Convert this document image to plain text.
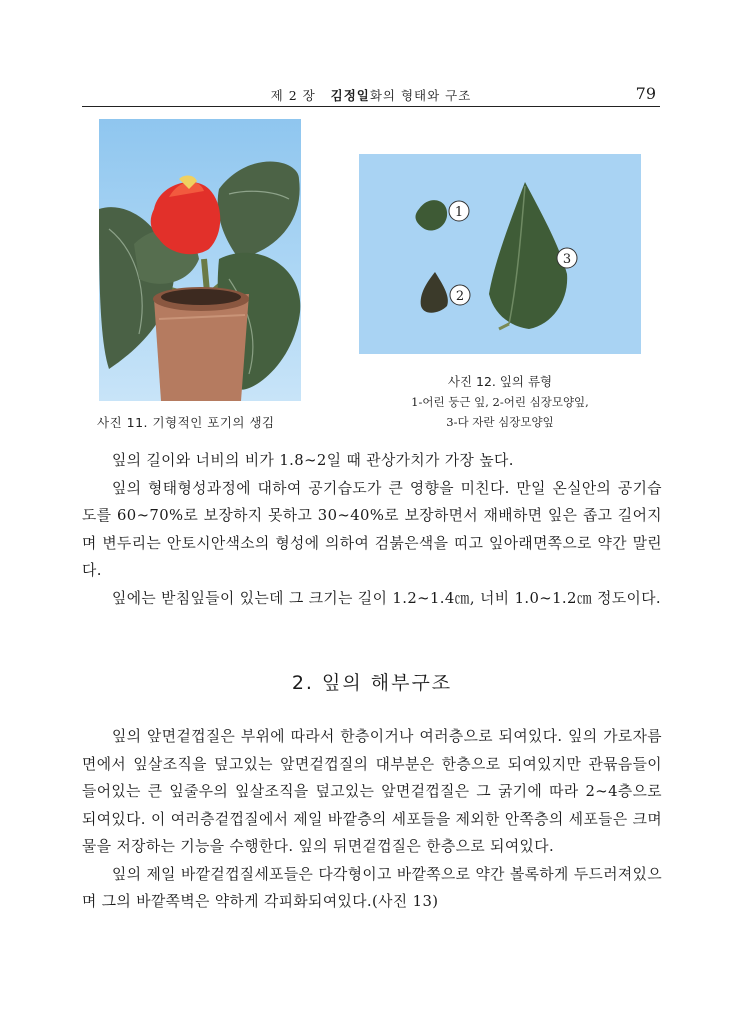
제 2 장 김정일화의 형태와 구조	79
1
2
3
사진 12. 잎의 류형
1-어린 둥근 잎, 2-어린 심장모양잎,
3-다 자란 심장모양잎
사진 11. 기형적인 포기의 생김

잎의 길이와 너비의 비가 1.8∼2일 때 관상가치가 가장 높다.

잎의 형태형성과정에 대하여 공기습도가 큰 영향을 미친다. 만일 온실안의 공기습도를 60∼70%로 보장하지 못하고 30∼40%로 보장하면서 재배하면 잎은 좁고 길어지며 변두리는 안토시안색소의 형성에 의하여 검붉은색을 띠고 잎아래면쪽으로 약간 말린다.

잎에는 받침잎들이 있는데 그 크기는 길이 1.2∼1.4㎝, 너비 1.0∼1.2㎝ 정도이다.

2. 잎의 해부구조

잎의 앞면겉껍질은 부위에 따라서 한층이거나 여러층으로 되여있다. 잎의 가로자름면에서 잎살조직을 덮고있는 앞면겉껍질의 대부분은 한층으로 되여있지만 관뮦음들이 들어있는 큰 잎줄우의 잎살조직을 덮고있는 앞면겉껍질은 그 굵기에 따라 2∼4층으로 되여있다. 이 여러층겉껍질에서 제일 바깥층의 세포들을 제외한 안쪽층의 세포들은 크며 물을 저장하는 기능을 수행한다. 잎의 뒤면겉껍질은 한층으로 되여있다.

잎의 제일 바깥겉껍질세포들은 다각형이고 바깥쪽으로 약간 볼록하게 두드러져있으며 그의 바깥쪽벽은 약하게 각피화되여있다.(사진 13)
